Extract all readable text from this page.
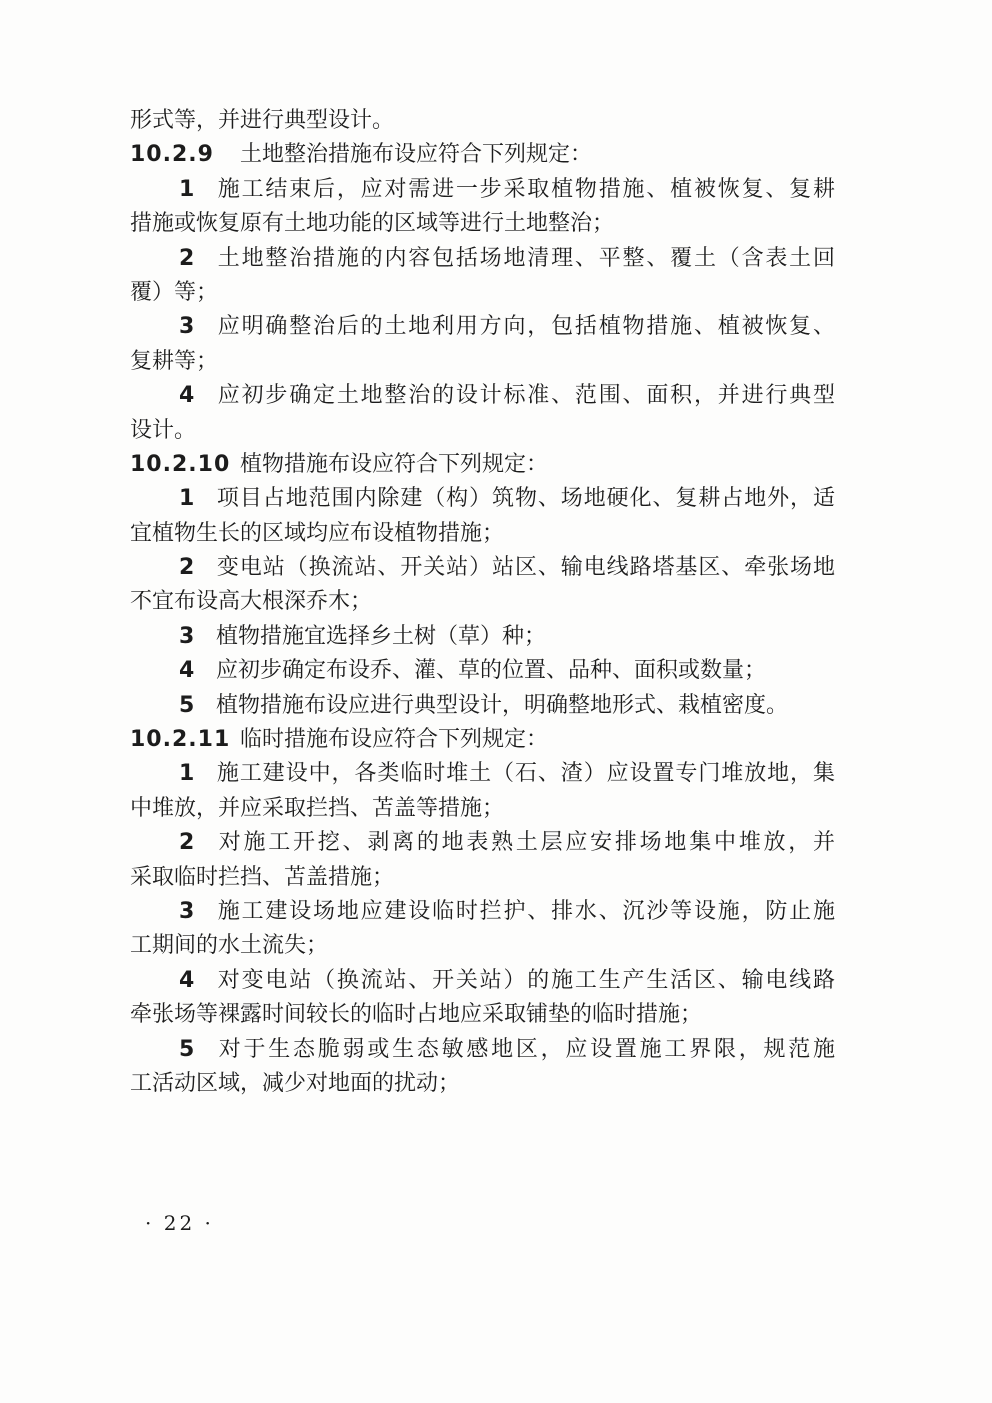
形式等，并进行典型设计。
10.2.9 土地整治措施布设应符合下列规定：
1 施工结束后，应对需进一步采取植物措施、植被恢复、复耕
措施或恢复原有土地功能的区域等进行土地整治；
2 土地整治措施的内容包括场地清理、平整、覆土（含表土回
覆）等；
3 应明确整治后的土地利用方向，包括植物措施、植被恢复、
复耕等；
4 应初步确定土地整治的设计标准、范围、面积，并进行典型
设计。
10.2.10 植物措施布设应符合下列规定：
1 项目占地范围内除建（构）筑物、场地硬化、复耕占地外，适
宜植物生长的区域均应布设植物措施；
2 变电站（换流站、开关站）站区、输电线路塔基区、牵张场地
不宜布设高大根深乔木；
3 植物措施宜选择乡土树（草）种；
4 应初步确定布设乔、灌、草的位置、品种、面积或数量；
5 植物措施布设应进行典型设计，明确整地形式、栽植密度。
10.2.11 临时措施布设应符合下列规定：
1 施工建设中，各类临时堆土（石、渣）应设置专门堆放地，集
中堆放，并应采取拦挡、苫盖等措施；
2 对施工开挖、剥离的地表熟土层应安排场地集中堆放，并
采取临时拦挡、苫盖措施；
3 施工建设场地应建设临时拦护、排水、沉沙等设施，防止施
工期间的水土流失；
4 对变电站（换流站、开关站）的施工生产生活区、输电线路
牵张场等裸露时间较长的临时占地应采取铺垫的临时措施；
5 对于生态脆弱或生态敏感地区，应设置施工界限，规范施
工活动区域，减少对地面的扰动；
· 22 ·
